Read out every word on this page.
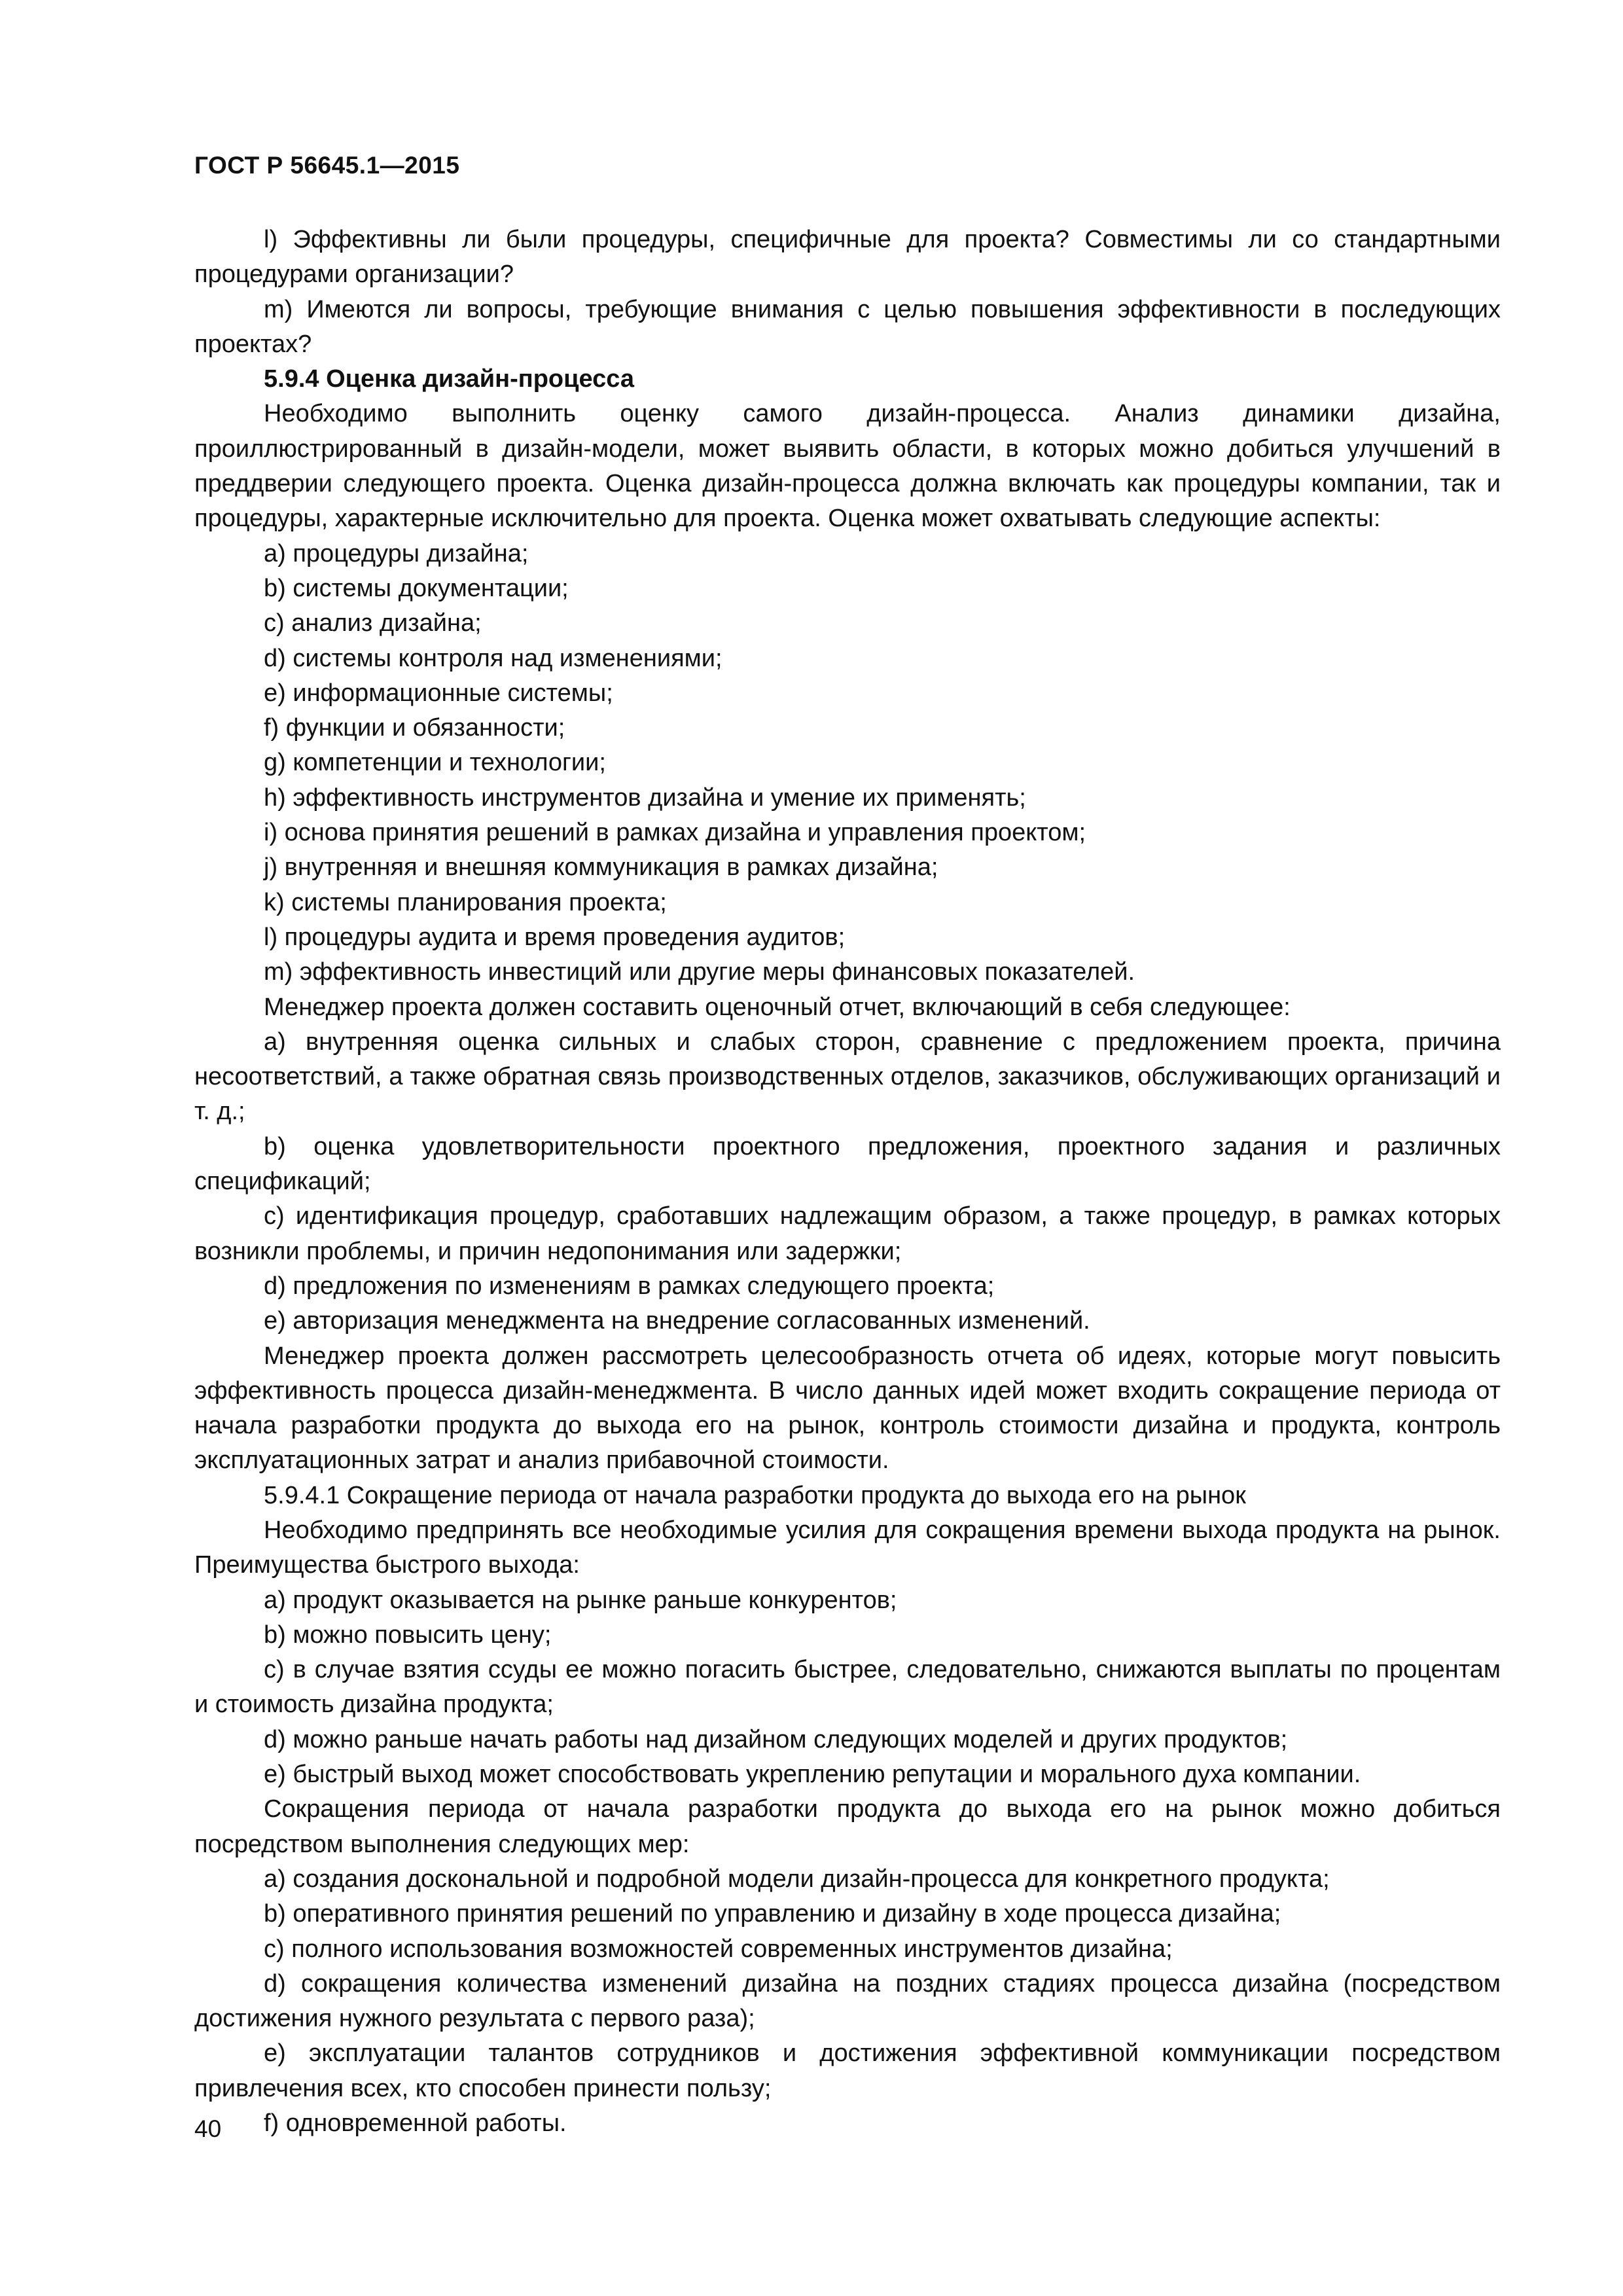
ГОСТ Р 56645.1—2015

l) Эффективны ли были процедуры, специфичные для проекта? Совместимы ли со стандартными процедурами организации?

m) Имеются ли вопросы, требующие внимания с целью повышения эффективности в последующих проектах?

5.9.4 Оценка дизайн-процесса

Необходимо выполнить оценку самого дизайн-процесса. Анализ динамики дизайна, проиллюстрированный в дизайн-модели, может выявить области, в которых можно добиться улучшений в преддверии следующего проекта. Оценка дизайн-процесса должна включать как процедуры компании, так и процедуры, характерные исключительно для проекта. Оценка может охватывать следующие аспекты:

a) процедуры дизайна;

b) системы документации;

c) анализ дизайна;

d) системы контроля над изменениями;

e) информационные системы;

f) функции и обязанности;

g) компетенции и технологии;

h) эффективность инструментов дизайна и умение их применять;

i) основа принятия решений в рамках дизайна и управления проектом;

j) внутренняя и внешняя коммуникация в рамках дизайна;

k) системы планирования проекта;

l) процедуры аудита и время проведения аудитов;

m) эффективность инвестиций или другие меры финансовых показателей.

Менеджер проекта должен составить оценочный отчет, включающий в себя следующее:

a) внутренняя оценка сильных и слабых сторон, сравнение с предложением проекта, причина несоответствий, а также обратная связь производственных отделов, заказчиков, обслуживающих организаций и т. д.;

b) оценка удовлетворительности проектного предложения, проектного задания и различных спецификаций;

c) идентификация процедур, сработавших надлежащим образом, а также процедур, в рамках которых возникли проблемы, и причин недопонимания или задержки;

d) предложения по изменениям в рамках следующего проекта;

e) авторизация менеджмента на внедрение согласованных изменений.

Менеджер проекта должен рассмотреть целесообразность отчета об идеях, которые могут повысить эффективность процесса дизайн-менеджмента. В число данных идей может входить сокращение периода от начала разработки продукта до выхода его на рынок, контроль стоимости дизайна и продукта, контроль эксплуатационных затрат и анализ прибавочной стоимости.

5.9.4.1 Сокращение периода от начала разработки продукта до выхода его на рынок

Необходимо предпринять все необходимые усилия для сокращения времени выхода продукта на рынок. Преимущества быстрого выхода:

a) продукт оказывается на рынке раньше конкурентов;

b) можно повысить цену;

c) в случае взятия ссуды ее можно погасить быстрее, следовательно, снижаются выплаты по процентам и стоимость дизайна продукта;

d) можно раньше начать работы над дизайном следующих моделей и других продуктов;

e) быстрый выход может способствовать укреплению репутации и морального духа компании.

Сокращения периода от начала разработки продукта до выхода его на рынок можно добиться посредством выполнения следующих мер:

a) создания доскональной и подробной модели дизайн-процесса для конкретного продукта;

b) оперативного принятия решений по управлению и дизайну в ходе процесса дизайна;

c) полного использования возможностей современных инструментов дизайна;

d) сокращения количества изменений дизайна на поздних стадиях процесса дизайна (посредством достижения нужного результата с первого раза);

e) эксплуатации талантов сотрудников и достижения эффективной коммуникации посредством привлечения всех, кто способен принести пользу;

f) одновременной работы.

40
